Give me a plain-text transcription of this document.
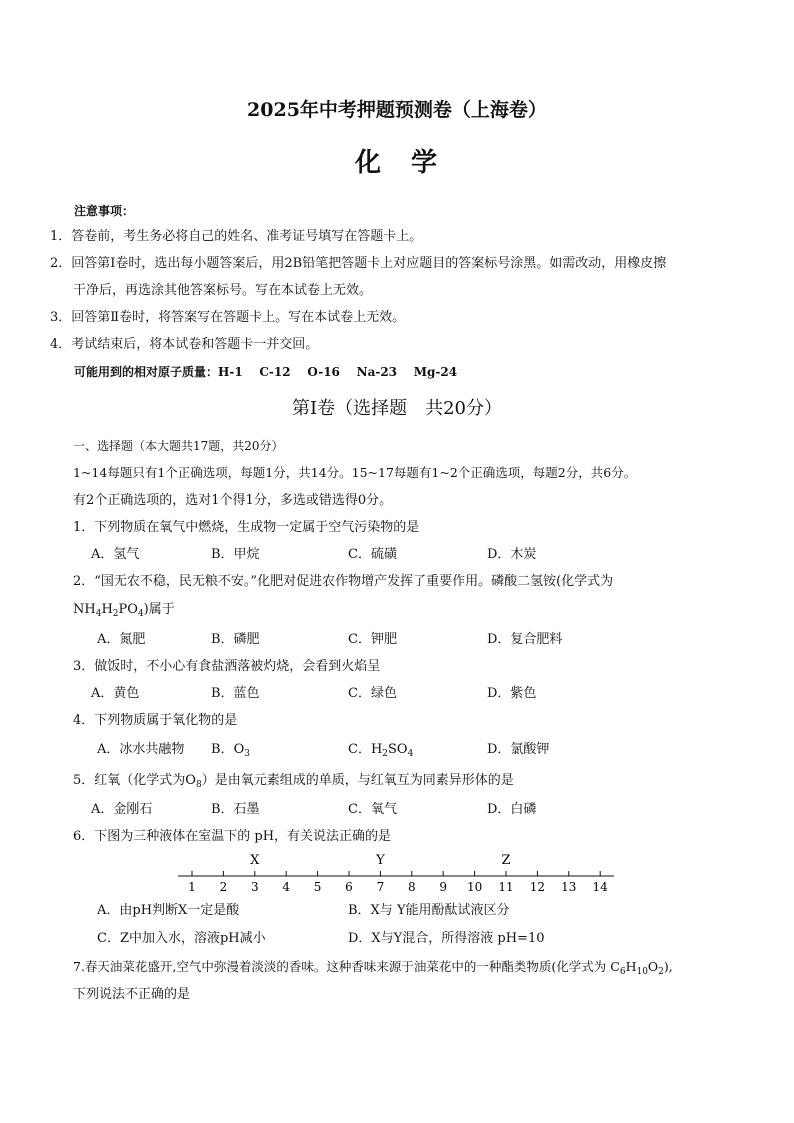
2025年中考押题预测卷（上海卷）
化学
注意事项：
1．答卷前，考生务必将自己的姓名、准考证号填写在答题卡上。
2．回答第Ⅰ卷时，选出每小题答案后，用2B铅笔把答题卡上对应题目的答案标号涂黑。如需改动，用橡皮擦
干净后，再选涂其他答案标号。写在本试卷上无效。
3．回答第Ⅱ卷时，将答案写在答题卡上。写在本试卷上无效。
4．考试结束后，将本试卷和答题卡一并交回。
可能用到的相对原子质量：H-1    C-12    O-16    Na-23    Mg-24
第Ⅰ卷（选择题　共20分）
一、选择题（本大题共17题，共20分）
1~14每题只有1个正确选项，每题1分，共14分。15~17每题有1~2个正确选项，每题2分，共6分。
有2个正确选项的，选对1个得1分，多选或错选得0分。
1．下列物质在氧气中燃烧，生成物一定属于空气污染物的是
A．氢气	B．甲烷	C．硫磺	D．木炭
2．“国无农不稳，民无粮不安。”化肥对促进农作物增产发挥了重要作用。磷酸二氢铵(化学式为
$NH_4H_2PO_4$)属于
A．氮肥	B．磷肥	C．钾肥	D．复合肥料
3．做饭时，不小心有食盐洒落被灼烧，会看到火焰呈
A．黄色	B．蓝色	C．绿色	D．紫色
4．下列物质属于氧化物的是
A．冰水共融物 B．$O_3$	C．$H_2SO_4$	D．氯酸钾
5．红氧（化学式为$O_8$）是由氧元素组成的单质，与红氧互为同素异形体的是
A．金刚石	B．石墨	C．氧气	D．白磷
6．下图为三种液体在室温下的 pH，有关说法正确的是
1 2 3 4 5 6 7 8 9 10 11 12 13 14
X	Y	Z
A．由pH判断X一定是酸	B．X与 Y能用酚酞试液区分
C．Z中加入水，溶液pH减小	D．X与Y混合，所得溶液 pH=10
7.春天油菜花盛开,空气中弥漫着淡淡的香味。这种香味来源于油菜花中的一种酯类物质(化学式为 $C_6H_{10}O_2$),
下列说法不正确的是
